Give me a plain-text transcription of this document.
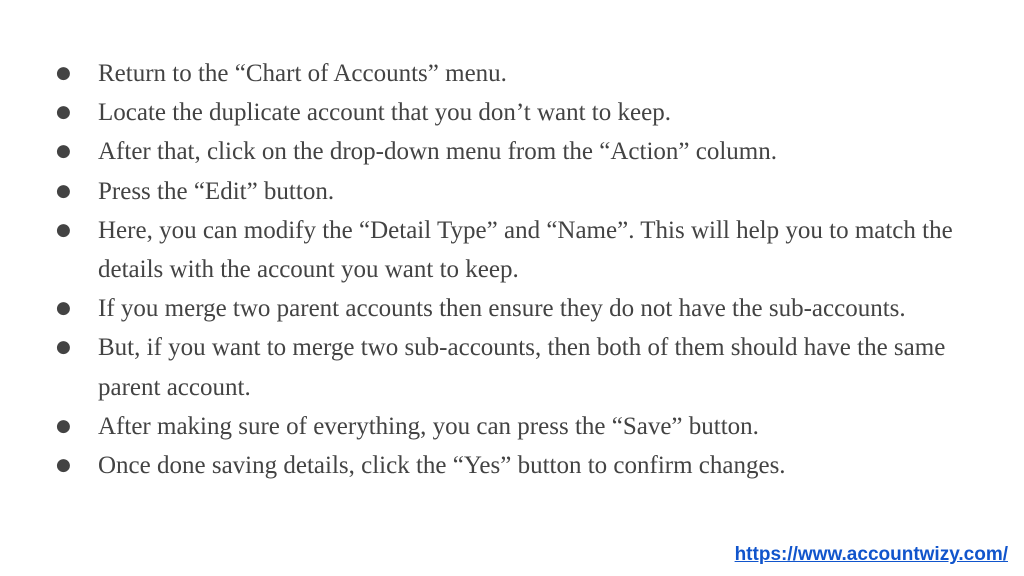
● Return to the “Chart of Accounts” menu.
● Locate the duplicate account that you don’t want to keep.
● After that, click on the drop-down menu from the “Action” column.
● Press the “Edit” button.
● Here, you can modify the “Detail Type” and “Name”. This will help you to match the details with the account you want to keep.
● If you merge two parent accounts then ensure they do not have the sub-accounts.
● But, if you want to merge two sub-accounts, then both of them should have the same parent account.
● After making sure of everything, you can press the “Save” button.
● Once done saving details, click the “Yes” button to confirm changes.
https://www.accountwizy.com/
